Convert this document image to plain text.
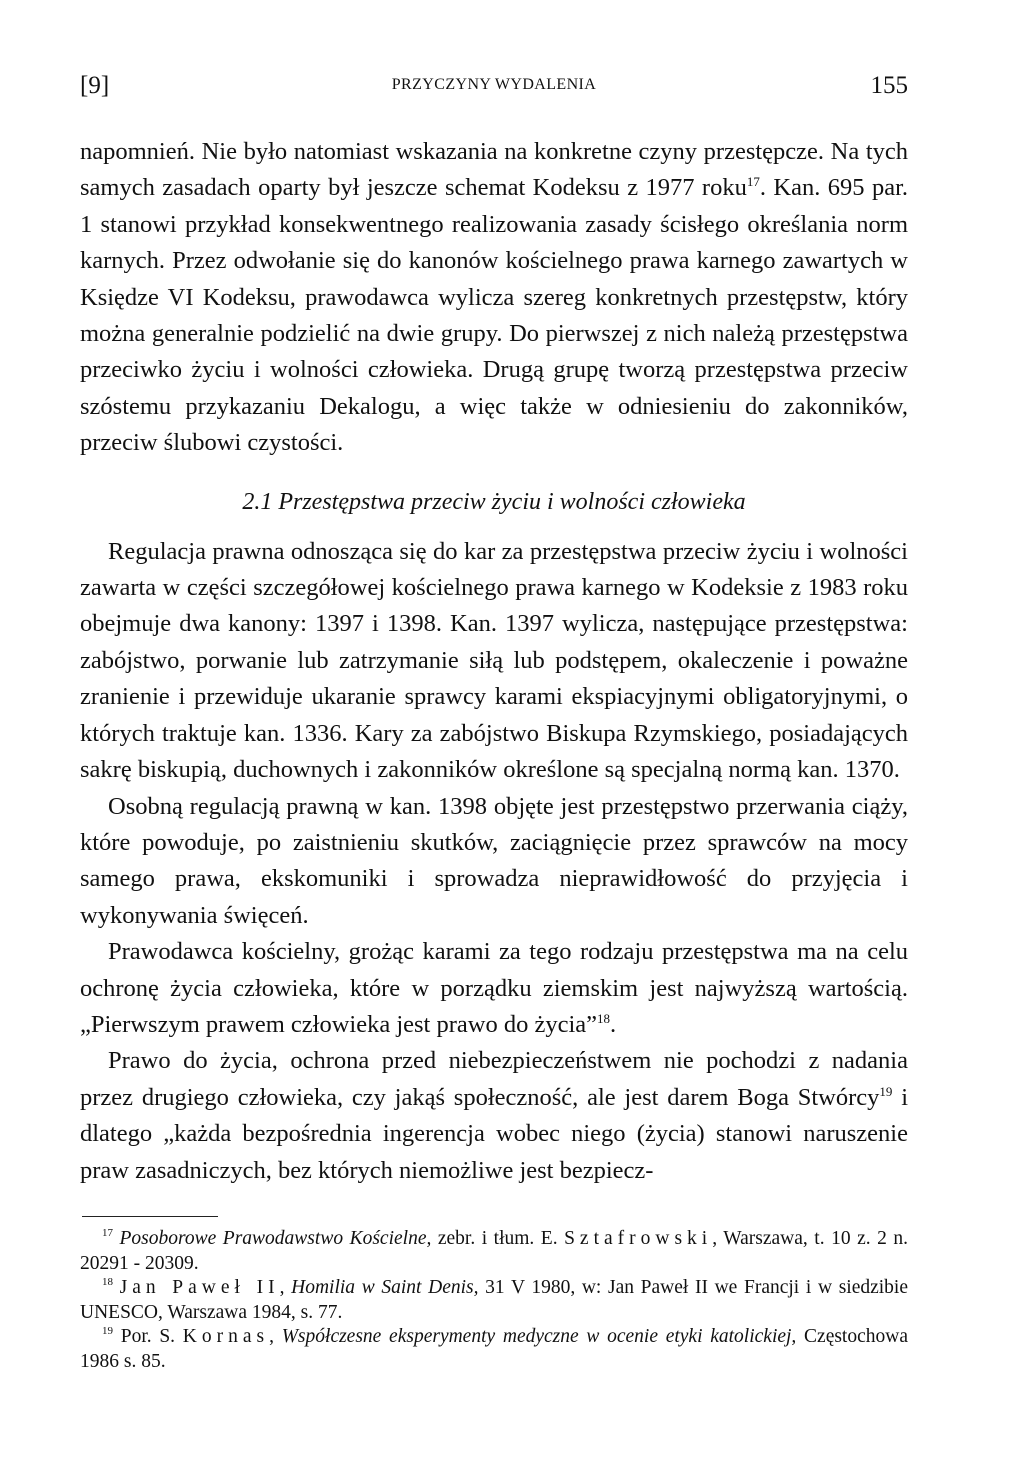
[9]	PRZYCZYNY WYDALENIA	155

napomnień. Nie było natomiast wskazania na konkretne czyny przestępcze. Na tych samych zasadach oparty był jeszcze schemat Kodeksu z 1977 roku$^{17}$. Kan. 695 par. 1 stanowi przykład konsekwentnego realizowania zasady ścisłego określania norm karnych. Przez odwołanie się do kanonów kościelnego prawa karnego zawartych w Księdze VI Kodeksu, prawodawca wylicza szereg konkretnych przestępstw, który można generalnie podzielić na dwie grupy. Do pierwszej z nich należą przestępstwa przeciwko życiu i wolności człowieka. Drugą grupę tworzą przestępstwa przeciw szóstemu przykazaniu Dekalogu, a więc także w odniesieniu do zakonników, przeciw ślubowi czystości.

2.1 Przestępstwa przeciw życiu i wolności człowieka

Regulacja prawna odnosząca się do kar za przestępstwa przeciw życiu i wolności zawarta w części szczegółowej kościelnego prawa karnego w Kodeksie z 1983 roku obejmuje dwa kanony: 1397 i 1398. Kan. 1397 wylicza, następujące przestępstwa: zabójstwo, porwanie lub zatrzymanie siłą lub podstępem, okaleczenie i poważne zranienie i przewiduje ukaranie sprawcy karami ekspiacyjnymi obligatoryjnymi, o których traktuje kan. 1336. Kary za zabójstwo Biskupa Rzymskiego, posiadających sakrę biskupią, duchownych i zakonników określone są specjalną normą kan. 1370.

Osobną regulacją prawną w kan. 1398 objęte jest przestępstwo przerwania ciąży, które powoduje, po zaistnieniu skutków, zaciągnięcie przez sprawców na mocy samego prawa, ekskomuniki i sprowadza nieprawidłowość do przyjęcia i wykonywania święceń.

Prawodawca kościelny, grożąc karami za tego rodzaju przestępstwa ma na celu ochronę życia człowieka, które w porządku ziemskim jest najwyższą wartością. „Pierwszym prawem człowieka jest prawo do życia”$^{18}$.

Prawo do życia, ochrona przed niebezpieczeństwem nie pochodzi z nadania przez drugiego człowieka, czy jakąś społeczność, ale jest darem Boga Stwórcy$^{19}$ i dlatego „każda bezpośrednia ingerencja wobec niego (życia) stanowi naruszenie praw zasadniczych, bez których niemożliwe jest bezpiecz-

$^{17}$ Posoborowe Prawodawstwo Kościelne, zebr. i tłum. E. Sztafrowski, Warszawa, t. 10 z. 2 n. 20291 - 20309.

$^{18}$ Jan Paweł II, Homilia w Saint Denis, 31 V 1980, w: Jan Paweł II we Francji i w siedzibie UNESCO, Warszawa 1984, s. 77.

$^{19}$ Por. S. Kornas, Współczesne eksperymenty medyczne w ocenie etyki katolickiej, Częstochowa 1986 s. 85.
